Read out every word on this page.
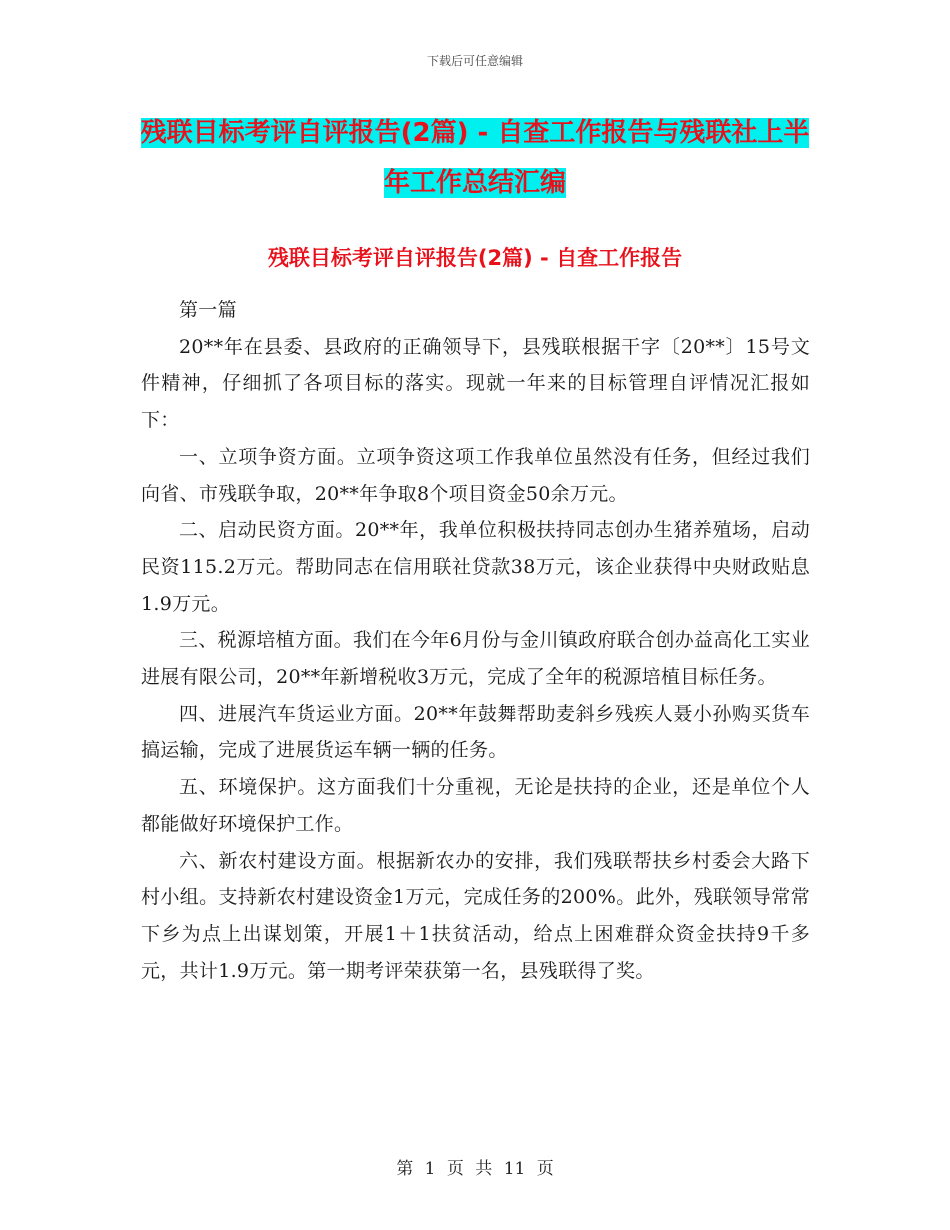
下载后可任意编辑
残联目标考评自评报告(2篇) - 自查工作报告与残联社上半年工作总结汇编
残联目标考评自评报告(2篇) - 自查工作报告

第一篇

20**年在县委、县政府的正确领导下，县残联根据干字〔20**〕15号文件精神，仔细抓了各项目标的落实。现就一年来的目标管理自评情况汇报如下：

一、立项争资方面。立项争资这项工作我单位虽然没有任务，但经过我们向省、市残联争取，20**年争取8个项目资金50余万元。

二、启动民资方面。20**年，我单位积极扶持同志创办生猪养殖场，启动民资115.2万元。帮助同志在信用联社贷款38万元，该企业获得中央财政贴息1.9万元。

三、税源培植方面。我们在今年6月份与金川镇政府联合创办益高化工实业进展有限公司，20**年新增税收3万元，完成了全年的税源培植目标任务。

四、进展汽车货运业方面。20**年鼓舞帮助麦斜乡残疾人聂小孙购买货车搞运输，完成了进展货运车辆一辆的任务。

五、环境保护。这方面我们十分重视，无论是扶持的企业，还是单位个人都能做好环境保护工作。

六、新农村建设方面。根据新农办的安排，我们残联帮扶乡村委会大路下村小组。支持新农村建设资金1万元，完成任务的200%。此外，残联领导常常下乡为点上出谋划策，开展1＋1扶贫活动，给点上困难群众资金扶持9千多元，共计1.9万元。第一期考评荣获第一名，县残联得了奖。

第 1 页 共 11 页
